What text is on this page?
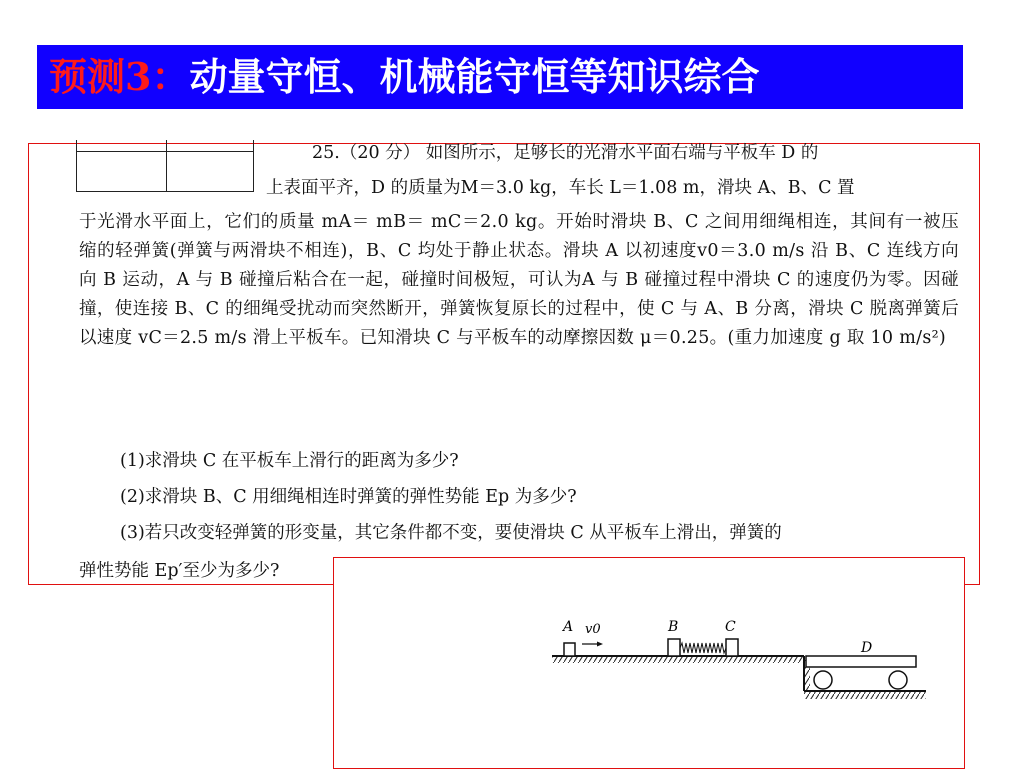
预测3：动量守恒、机械能守恒等知识综合
25.（20 分） 如图所示，足够长的光滑水平面右端与平板车 D 的
上表面平齐，D 的质量为M＝3.0 kg，车长 L＝1.08 m，滑块 A、B、C 置
于光滑水平面上，它们的质量 mA＝ mB＝ mC＝2.0 kg。开始时滑块 B、C 之间用细绳相连，其间有一被压缩的轻弹簧(弹簧与两滑块不相连)，B、C 均处于静止状态。滑块 A 以初速度v0＝3.0 m/s 沿 B、C 连线方向向 B 运动，A 与 B 碰撞后粘合在一起，碰撞时间极短，可认为A 与 B 碰撞过程中滑块 C 的速度仍为零。因碰撞，使连接 B、C 的细绳受扰动而突然断开，弹簧恢复原长的过程中，使 C 与 A、B 分离，滑块 C 脱离弹簧后以速度 vC＝2.5 m/s 滑上平板车。已知滑块 C 与平板车的动摩擦因数 μ＝0.25。(重力加速度 g 取 10 m/s²)
(1)求滑块 C 在平板车上滑行的距离为多少?
(2)求滑块 B、C 用细绳相连时弹簧的弹性势能 Ep 为多少?
(3)若只改变轻弹簧的形变量，其它条件都不变，要使滑块 C 从平板车上滑出，弹簧的
弹性势能 Ep′至少为多少?
A v0	B	C
D
